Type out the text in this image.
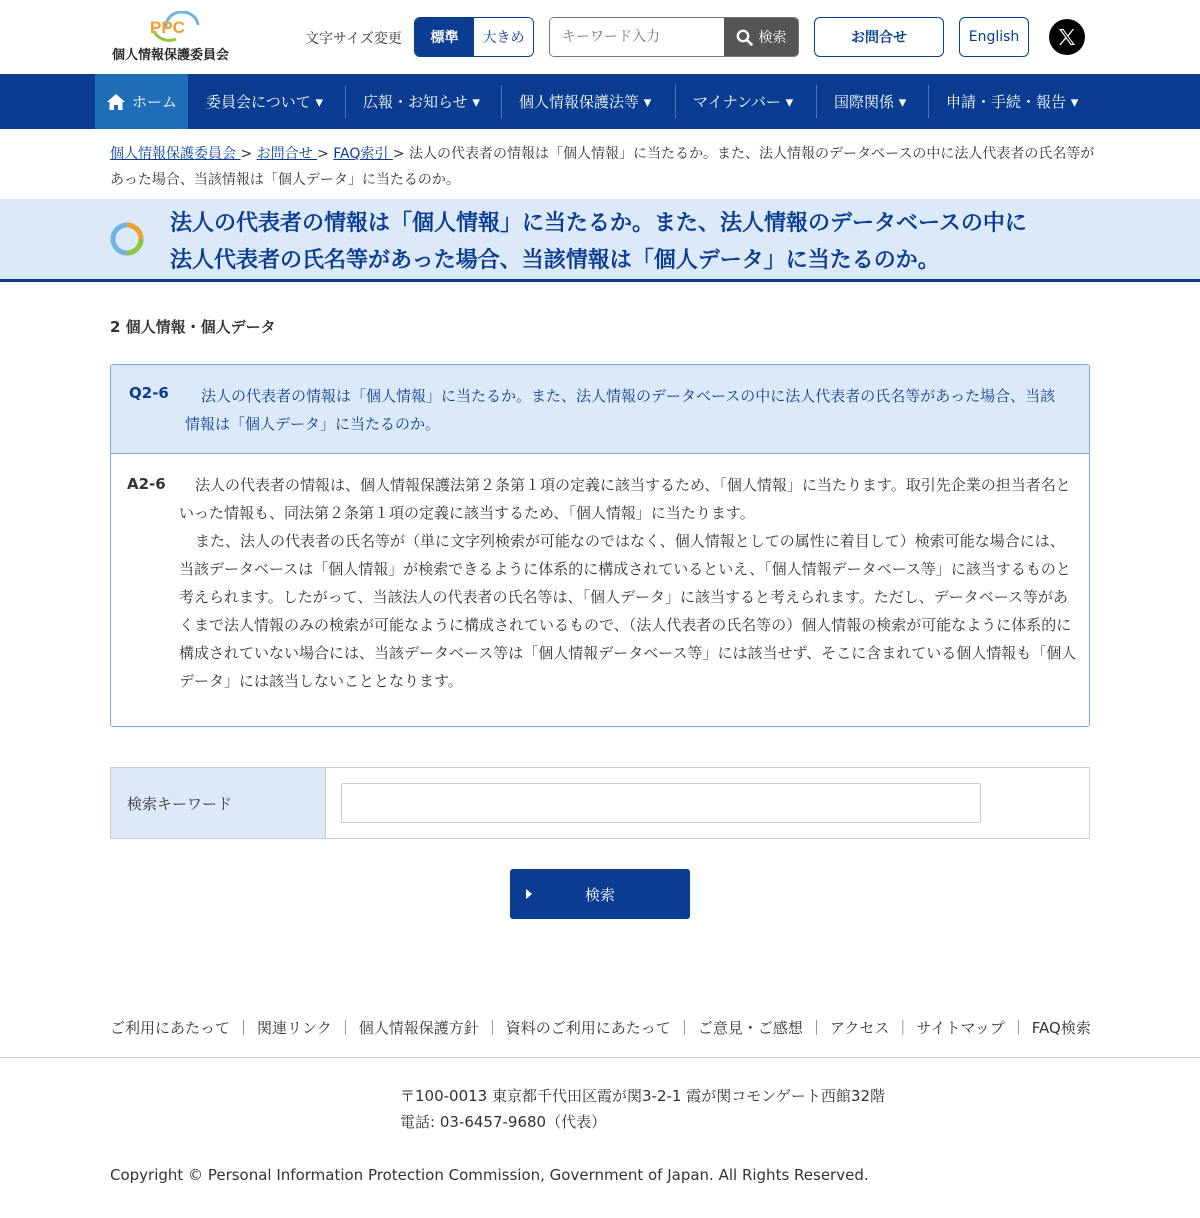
PPC
個人情報保護委員会
文字サイズ変更	標準	大きめ
キーワード入力	検索	お問合せ	English
ホーム 委員会について ▾	広報・お知らせ ▾	個人情報保護法等 ▾	マイナンバー ▾	国際関係 ▾	申請・手続・報告 ▾
個人情報保護委員会 > お問合せ > FAQ索引 > 法人の代表者の情報は「個人情報」に当たるか。また、法人情報のデータベースの中に法人代表者の氏名等があった場合、当該情報は「個人データ」に当たるのか。
法人の代表者の情報は「個人情報」に当たるか。また、法人情報のデータベースの中に
法人代表者の氏名等があった場合、当該情報は「個人データ」に当たるのか。
2 個人情報・個人データ
Q2-6	法人の代表者の情報は「個人情報」に当たるか。また、法人情報のデータベースの中に法人代表者の氏名等があった場合、当該情報は「個人データ」に当たるのか。
A2-6	法人の代表者の情報は、個人情報保護法第２条第１項の定義に該当するため、「個人情報」に当たります。取引先企業の担当者名といった情報も、同法第２条第１項の定義に該当するため、「個人情報」に当たります。

また、法人の代表者の氏名等が（単に文字列検索が可能なのではなく、個人情報としての属性に着目して）検索可能な場合には、当該データベースは「個人情報」が検索できるように体系的に構成されているといえ、「個人情報データベース等」に該当するものと考えられます。したがって、当該法人の代表者の氏名等は、「個人データ」に該当すると考えられます。ただし、データベース等があくまで法人情報のみの検索が可能なように構成されているもので、（法人代表者の氏名等の）個人情報の検索が可能なように体系的に構成されていない場合には、当該データベース等は「個人情報データベース等」には該当せず、そこに含まれている個人情報も「個人データ」には該当しないこととなります。

検索キーワード
検索
ご利用にあたって ｜ 関連リンク ｜ 個人情報保護方針 ｜ 資料のご利用にあたって ｜ ご意見・ご感想 ｜ アクセス ｜ サイトマップ ｜ FAQ検索
〒100-0013 東京都千代田区霞が関3-2-1 霞が関コモンゲート西館32階
電話: 03-6457-9680（代表）
Copyright © Personal Information Protection Commission, Government of Japan. All Rights Reserved.
